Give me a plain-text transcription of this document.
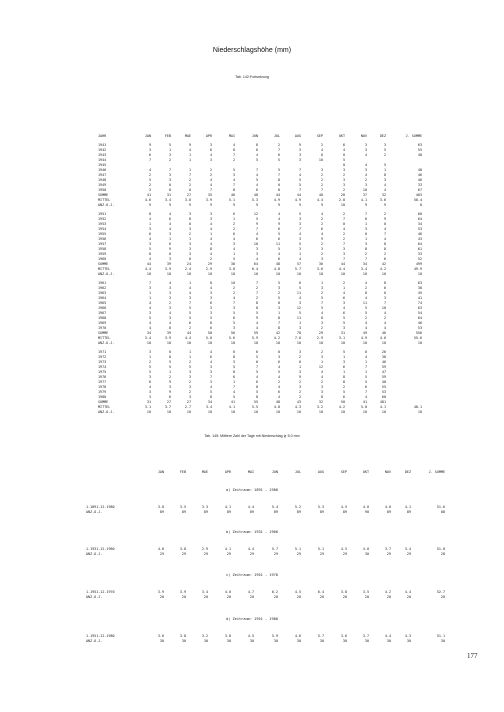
Niederschlagshöhe (mm)
Tab. 142:Fortsetzung
JAHR	JAN	FEB	MAE	APR	MAI	JUN	JUL	AUG	SEP	OKT	NOV	DEZ	J. SUMME

1941	9	5	9	3	4	8	2	9	2	6	3	3	63
1942	3	1	4	6	8	6	7	3	4	4	3	5	55
1943	6	3	1	4	7	4	6	3	6	0	4	2	48
1944	7	2	1	3	2	5	5	3	10	5			
1945										0	4	5	
1946	4	7	1	2	5	7	5	7	3	3	3	1	48
1947	2	3	7	2	3	4	7	4	2	2	4	8	46
1948	5	3	2	4	4	5	8	5	2	3	2	3	46
1949	2	0	2	4	7	4	0	5	2	3	3	4	33
1950	3	8	0	7	8	6	8	7	7	2	10	4	67
SUMME	41	31	27	35	46	48	44	44	40	28	37	32	403
MITTEL	4.6	3.4	3.0	3.9	5.1	5.3	4.9	4.9	4.4	2.8	4.1	3.6	50.4
ANZ.O.J.	9	9	9	9	9	9	9	9	9	10	9	9	8

1951	8	4	3	3	6	12	4	5	4	2	7	2	60
1952	4	6	8	3	1	5	4	3	2	7	8	9	64
1953	1	4	0	4	2	9	9	3	2	0	1	0	34
1954	3	4	3	4	2	7	6	7	6	4	3	4	53
1955	6	3	2	1	6	4	5	4	4	2	0	7	46
1956	4	1	1	4	4	6	6	3	9	2	1	4	43
1957	3	6	3	4	3	10	11	5	2	7	3	8	64
1958	5	9	3	8	4	3	5	3	3	3	8	8	61
1959	8	0	3	4	1	3	4	1	2	3	2	2	33
1960	4	3	0	2	5	4	6	4	3	7	7	6	52
SUMME	44	39	24	29	38	64	48	57	36	44	34	42	499
MITTEL	4.4	3.9	2.4	2.9	3.8	6.4	4.8	5.7	3.6	4.4	3.4	4.2	49.9
ANZ.O.J.	10	10	10	10	10	10	10	10	10	10	10	10	10

1961	7	4	1	8	10	7	5	6	1	2	4	8	63
1962	3	3	4	4	2	2	3	5	3	1	2	6	38
1963	1	3	4	3	2	7	2	11	2	4	8	0	45
1964	1	3	3	3	4	2	5	4	5	6	4	3	41
1965	4	2	7	6	7	8	8	3	7	3	11	7	74
1966	4	3	5	3	3	8	3	12	5	4	5	10	63
1967	3	4	5	3	5	5	1	5	4	6	5	4	54
1968	5	3	5	5	6	9	8	11	8	5	2	2	64
1969	4	4	6	8	5	4	7	1	3	5	4	4	46
1970	4	8	2	6	3	4	8	3	2	3	4	4	53
SUMME	34	39	44	50	56	59	42	70	29	31	49	46	556
MITTEL	3.4	3.9	4.4	5.0	5.6	5.9	4.2	7.0	2.9	3.1	4.9	4.6	55.6
ANZ.O.J.	10	10	10	10	10	10	10	10	10	10	10	10	10

1971	3	0	1	4	6	6	0	3	2	5	0	26	
1972	1	0	1	6	8	5	3	2	3	1	4	38	
1973	2	5	2	4	3	6	6	0	1	3	1	46	
1974	5	5	5	3	5	7	4	1	12	6	7	59	
1975	5	1	3	3	8	5	5	3	4	1	1	47	
1976	3	2	3	7	6	4	4	9	4	8	5	59	
1977	6	9	2	3	1	6	2	2	2	8	5	48	
1978	4	3	3	4	7	8	4	3	3	2	6	55	
1979	3	9	2	5	4	5	6	2	3	5	7	53	
1980	3	6	3	8	5	8	4	2	8	6	4	60	
SUMME	31	27	27	34	41	55	48	43	32	50	41	481	
MITTEL	3.1	3.7	2.7	3.4	4.1	5.5	4.8	4.3	3.2	4.2	5.0	4.1	48.1
ANZ.O.J.	10	10	10	10	10	10	10	10	10	10	10	10	10
Tab. 145: Mittlere Zahl der Tage mit Niederschlag ≧ 5.0 mm
	JAN	FEB	MAE	APR	MAI	JUN	JUL	AUG	SEP	OKT	NOV	DEZ	J. SUMME
a) Zeitraum: 1891 - 1980
1.1891-12.1980	3.8	3.5	3.3	4.1	4.4	5.4	5.2	5.3	4.5	4.0	4.0	4.1	51.6
ANZ.O.J.	89	89	89	89	89	89	89	89	89	90	89	89	88
b) Zeitraum: 1931 - 1960
1.1931-12.1960	4.8	3.8	2.9	4.1	4.4	5.7	5.1	5.1	4.5	4.0	3.7	3.4	51.8
ANZ.O.J.	29	29	29	29	29	29	29	29	29	30	29	29	28
c) Zeitraum: 1951 - 1970
1.1951-12.1970	3.9	3.9	3.4	4.0	4.7	6.2	4.5	6.4	3.8	3.5	4.2	4.4	52.7
ANZ.O.J.	20	20	20	20	20	20	20	20	20	20	20	20	20
d) Zeitraum: 1951 - 1980
1.1951-12.1980	3.6	3.8	3.2	3.8	4.5	5.9	4.6	5.7	3.6	3.7	4.4	4.3	51.1
ANZ.O.J.	30	30	30	30	30	30	30	30	30	30	30	30	30
177
